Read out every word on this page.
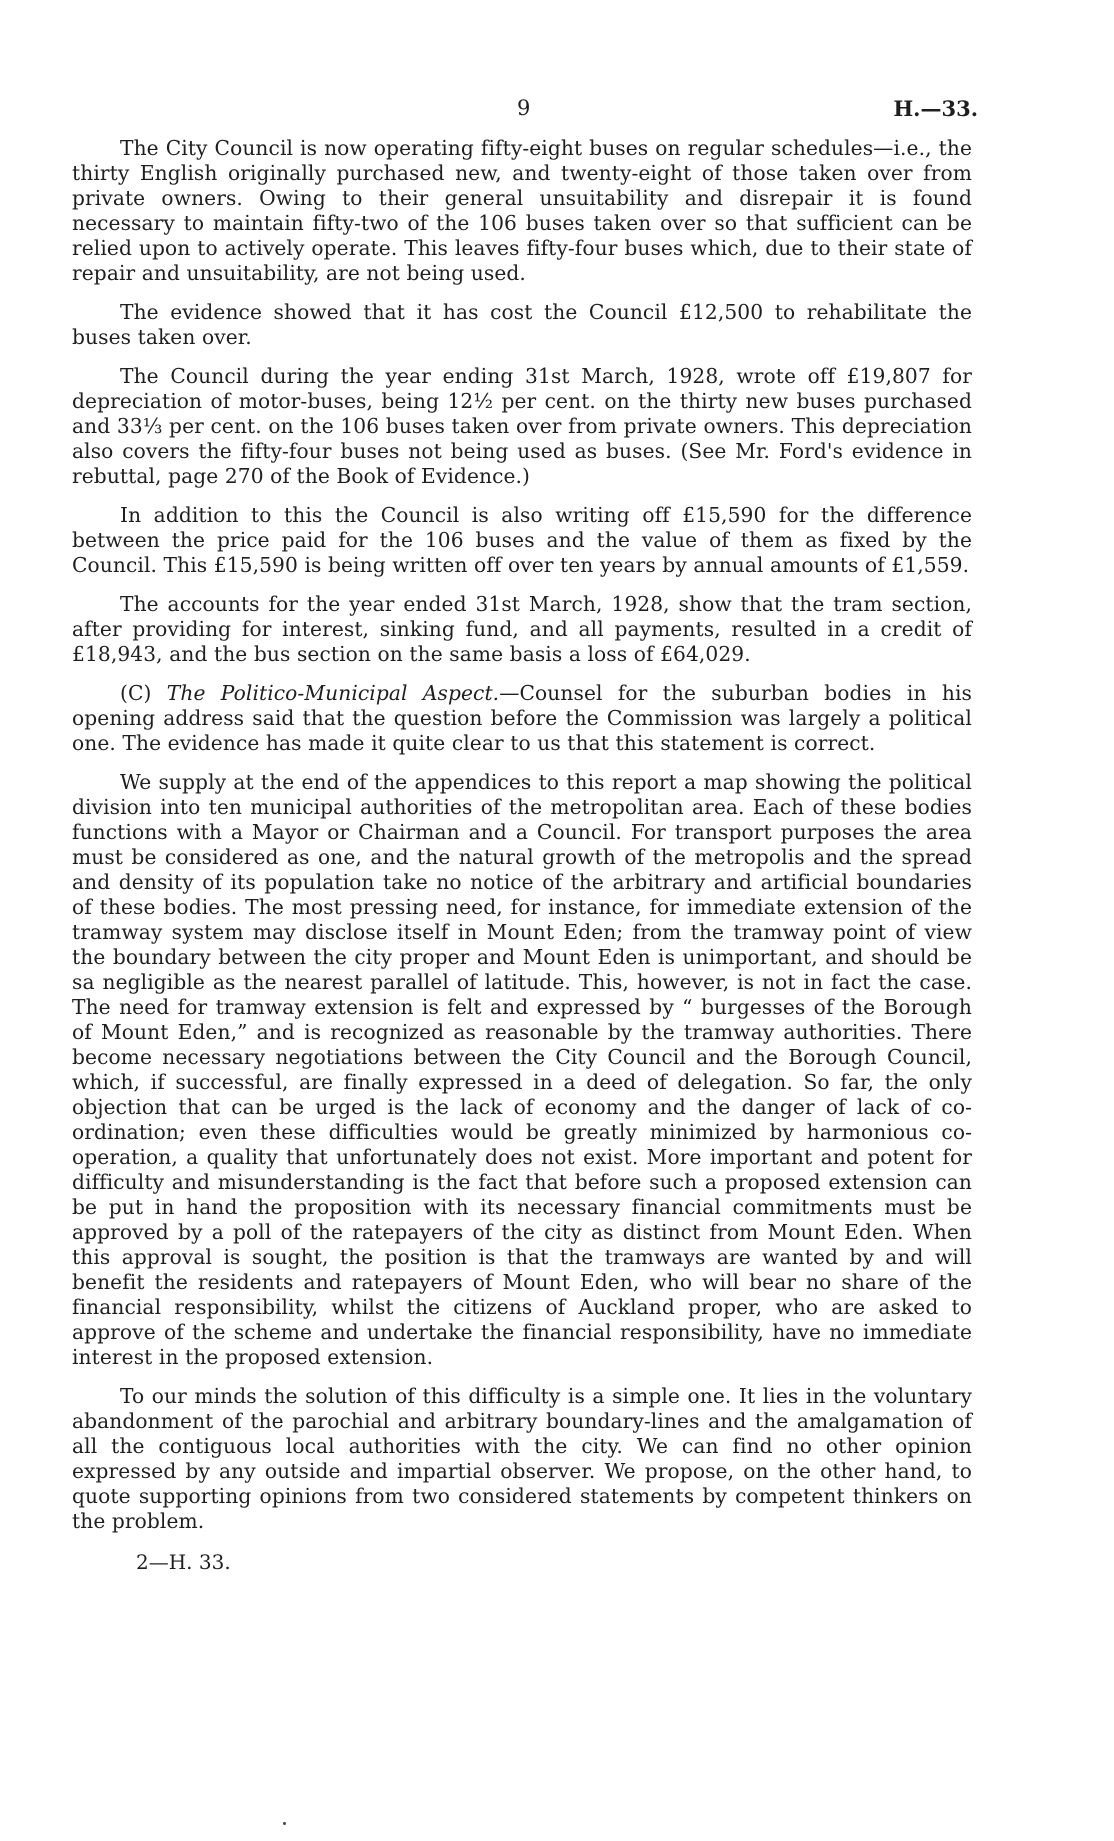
9	H.—33.

The City Council is now operating fifty-eight buses on regular schedules—i.e., the thirty English originally purchased new, and twenty-eight of those taken over from private owners. Owing to their general unsuitability and disrepair it is found necessary to maintain fifty-two of the 106 buses taken over so that sufficient can be relied upon to actively operate. This leaves fifty-four buses which, due to their state of repair and unsuitability, are not being used.

The evidence showed that it has cost the Council £12,500 to rehabilitate the buses taken over.

The Council during the year ending 31st March, 1928, wrote off £19,807 for depreciation of motor-buses, being 12½ per cent. on the thirty new buses purchased and 33⅓ per cent. on the 106 buses taken over from private owners. This depreciation also covers the fifty-four buses not being used as buses. (See Mr. Ford's evidence in rebuttal, page 270 of the Book of Evidence.)

In addition to this the Council is also writing off £15,590 for the difference between the price paid for the 106 buses and the value of them as fixed by the Council. This £15,590 is being written off over ten years by annual amounts of £1,559.

The accounts for the year ended 31st March, 1928, show that the tram section, after providing for interest, sinking fund, and all payments, resulted in a credit of £18,943, and the bus section on the same basis a loss of £64,029.

(C) The Politico-Municipal Aspect.—Counsel for the suburban bodies in his opening address said that the question before the Commission was largely a political one. The evidence has made it quite clear to us that this statement is correct.

We supply at the end of the appendices to this report a map showing the political division into ten municipal authorities of the metropolitan area. Each of these bodies functions with a Mayor or Chairman and a Council. For transport purposes the area must be considered as one, and the natural growth of the metropolis and the spread and density of its population take no notice of the arbitrary and artificial boundaries of these bodies. The most pressing need, for instance, for immediate extension of the tramway system may disclose itself in Mount Eden; from the tramway point of view the boundary between the city proper and Mount Eden is unimportant, and should be sa negligible as the nearest parallel of latitude. This, however, is not in fact the case. The need for tramway extension is felt and expressed by “ burgesses of the Borough of Mount Eden,” and is recognized as reasonable by the tramway authorities. There become necessary negotiations between the City Council and the Borough Council, which, if successful, are finally expressed in a deed of delegation. So far, the only objection that can be urged is the lack of economy and the danger of lack of co-ordination; even these difficulties would be greatly minimized by harmonious co-operation, a quality that unfortunately does not exist. More important and potent for difficulty and misunderstanding is the fact that before such a proposed extension can be put in hand the proposition with its necessary financial commitments must be approved by a poll of the ratepayers of the city as distinct from Mount Eden. When this approval is sought, the position is that the tramways are wanted by and will benefit the residents and ratepayers of Mount Eden, who will bear no share of the financial responsibility, whilst the citizens of Auckland proper, who are asked to approve of the scheme and undertake the financial responsibility, have no immediate interest in the proposed extension.

To our minds the solution of this difficulty is a simple one. It lies in the voluntary abandonment of the parochial and arbitrary boundary-lines and the amalgamation of all the contiguous local authorities with the city. We can find no other opinion expressed by any outside and impartial observer. We propose, on the other hand, to quote supporting opinions from two considered statements by competent thinkers on the problem.

2—H. 33.
